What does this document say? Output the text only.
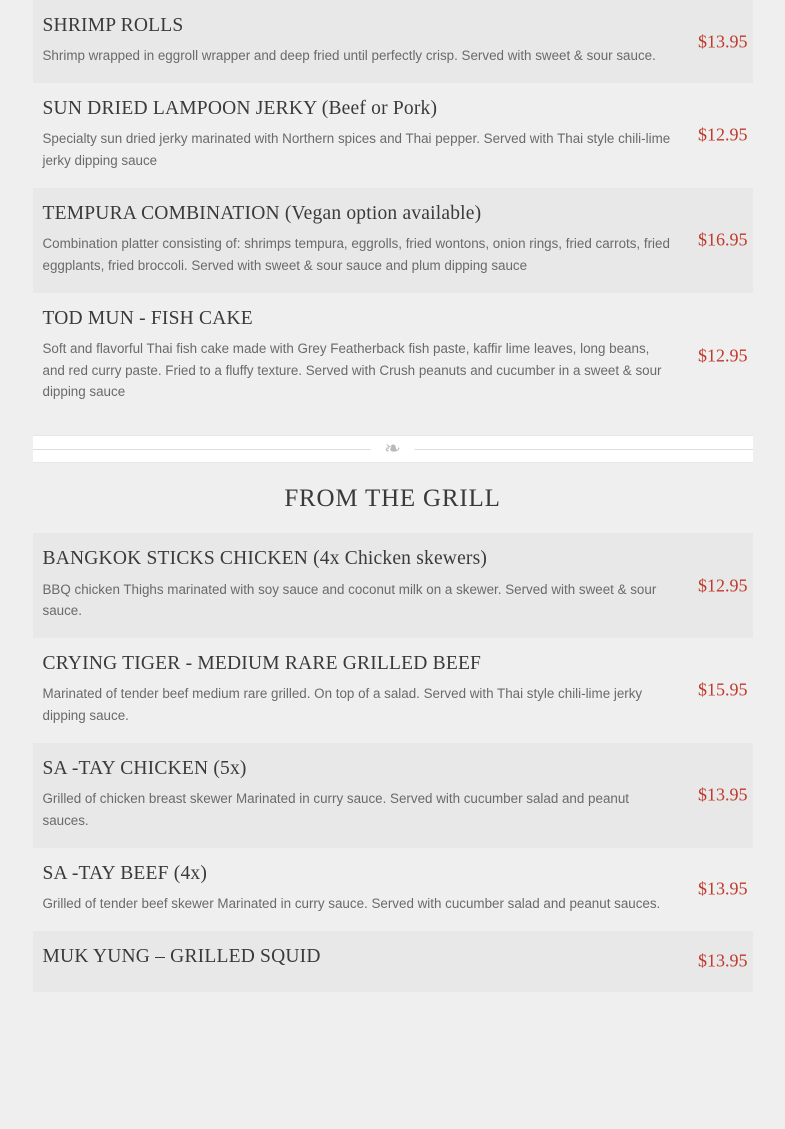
SHRIMP ROLLS
Shrimp wrapped in eggroll wrapper and deep fried until perfectly crisp. Served with sweet & sour sauce.
$13.95
SUN DRIED LAMPOON JERKY (Beef or Pork)
Specialty sun dried jerky marinated with Northern spices and Thai pepper. Served with Thai style chili-lime jerky dipping sauce
$12.95
TEMPURA COMBINATION (Vegan option available)
Combination platter consisting of: shrimps tempura, eggrolls, fried wontons, onion rings, fried carrots, fried eggplants, fried broccoli. Served with sweet & sour sauce and plum dipping sauce
$16.95
TOD MUN - FISH CAKE
Soft and flavorful Thai fish cake made with Grey Featherback fish paste, kaffir lime leaves, long beans, and red curry paste. Fried to a fluffy texture. Served with Crush peanuts and cucumber in a sweet & sour dipping sauce
$12.95
❧
FROM THE GRILL
BANGKOK STICKS CHICKEN (4x Chicken skewers)
BBQ chicken Thighs marinated with soy sauce and coconut milk on a skewer. Served with sweet & sour sauce.
$12.95
CRYING TIGER - MEDIUM RARE GRILLED BEEF
Marinated of tender beef medium rare grilled. On top of a salad. Served with Thai style chili-lime jerky dipping sauce.
$15.95
SA -TAY CHICKEN (5x)
Grilled of chicken breast skewer Marinated in curry sauce. Served with cucumber salad and peanut sauces.
$13.95
SA -TAY BEEF (4x)
Grilled of tender beef skewer Marinated in curry sauce. Served with cucumber salad and peanut sauces.
$13.95
MUK YUNG – GRILLED SQUID	$13.95
